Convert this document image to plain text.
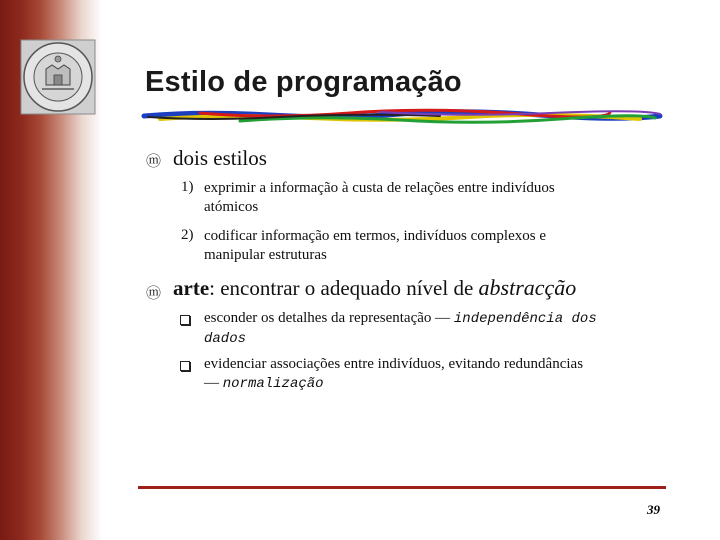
Estilo de programação
ⓜ dois estilos
1) exprimir a informação à custa de relações entre indivíduos
atómicos
2) codificar informação em termos, indivíduos complexos e
manipular estruturas
ⓜ arte: encontrar o adequado nível de abstracção
esconder os detalhes da representação — independência dos
dados
evidenciar associações entre indivíduos, evitando redundâncias
— normalização
39
